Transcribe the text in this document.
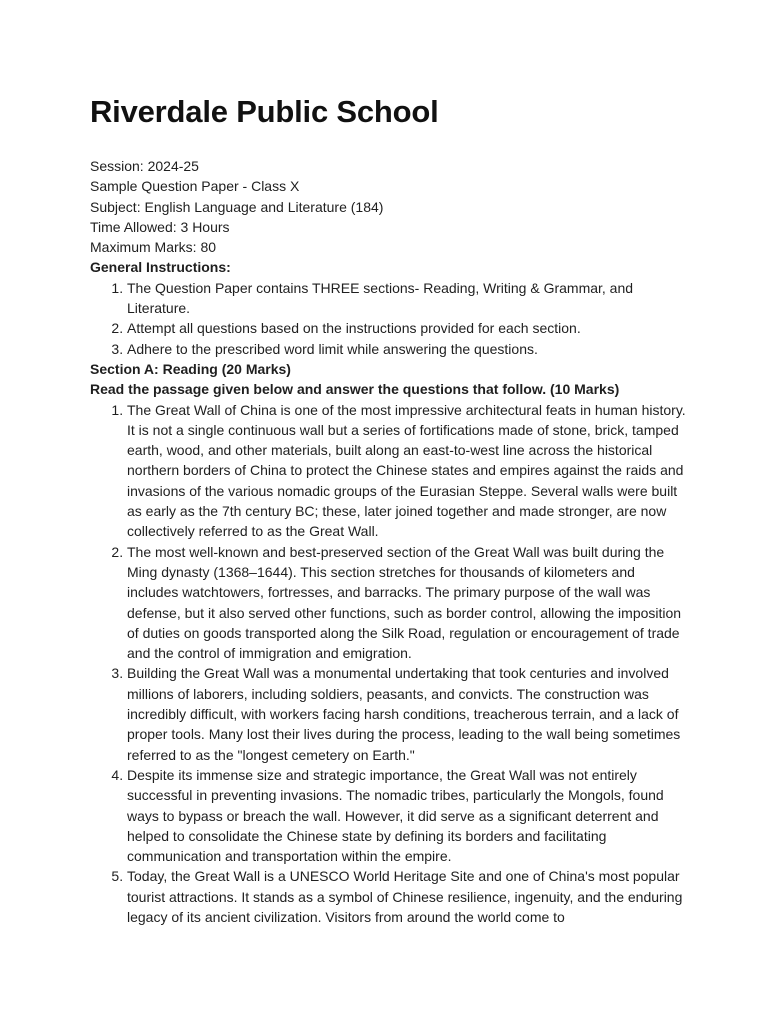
Riverdale Public School

Session: 2024-25

Sample Question Paper - Class X

Subject: English Language and Literature (184)

Time Allowed: 3 Hours

Maximum Marks: 80

General Instructions:

1. The Question Paper contains THREE sections- Reading, Writing & Grammar, and Literature.
2. Attempt all questions based on the instructions provided for each section.
3. Adhere to the prescribed word limit while answering the questions.

Section A: Reading (20 Marks)

Read the passage given below and answer the questions that follow. (10 Marks)

1. The Great Wall of China is one of the most impressive architectural feats in human history. It is not a single continuous wall but a series of fortifications made of stone, brick, tamped earth, wood, and other materials, built along an east-to-west line across the historical northern borders of China to protect the Chinese states and empires against the raids and invasions of the various nomadic groups of the Eurasian Steppe. Several walls were built as early as the 7th century BC; these, later joined together and made stronger, are now collectively referred to as the Great Wall.
2. The most well-known and best-preserved section of the Great Wall was built during the Ming dynasty (1368–1644). This section stretches for thousands of kilometers and includes watchtowers, fortresses, and barracks. The primary purpose of the wall was defense, but it also served other functions, such as border control, allowing the imposition of duties on goods transported along the Silk Road, regulation or encouragement of trade and the control of immigration and emigration.
3. Building the Great Wall was a monumental undertaking that took centuries and involved millions of laborers, including soldiers, peasants, and convicts. The construction was incredibly difficult, with workers facing harsh conditions, treacherous terrain, and a lack of proper tools. Many lost their lives during the process, leading to the wall being sometimes referred to as the "longest cemetery on Earth."
4. Despite its immense size and strategic importance, the Great Wall was not entirely successful in preventing invasions. The nomadic tribes, particularly the Mongols, found ways to bypass or breach the wall. However, it did serve as a significant deterrent and helped to consolidate the Chinese state by defining its borders and facilitating communication and transportation within the empire.
5. Today, the Great Wall is a UNESCO World Heritage Site and one of China's most popular tourist attractions. It stands as a symbol of Chinese resilience, ingenuity, and the enduring legacy of its ancient civilization. Visitors from around the world come to
